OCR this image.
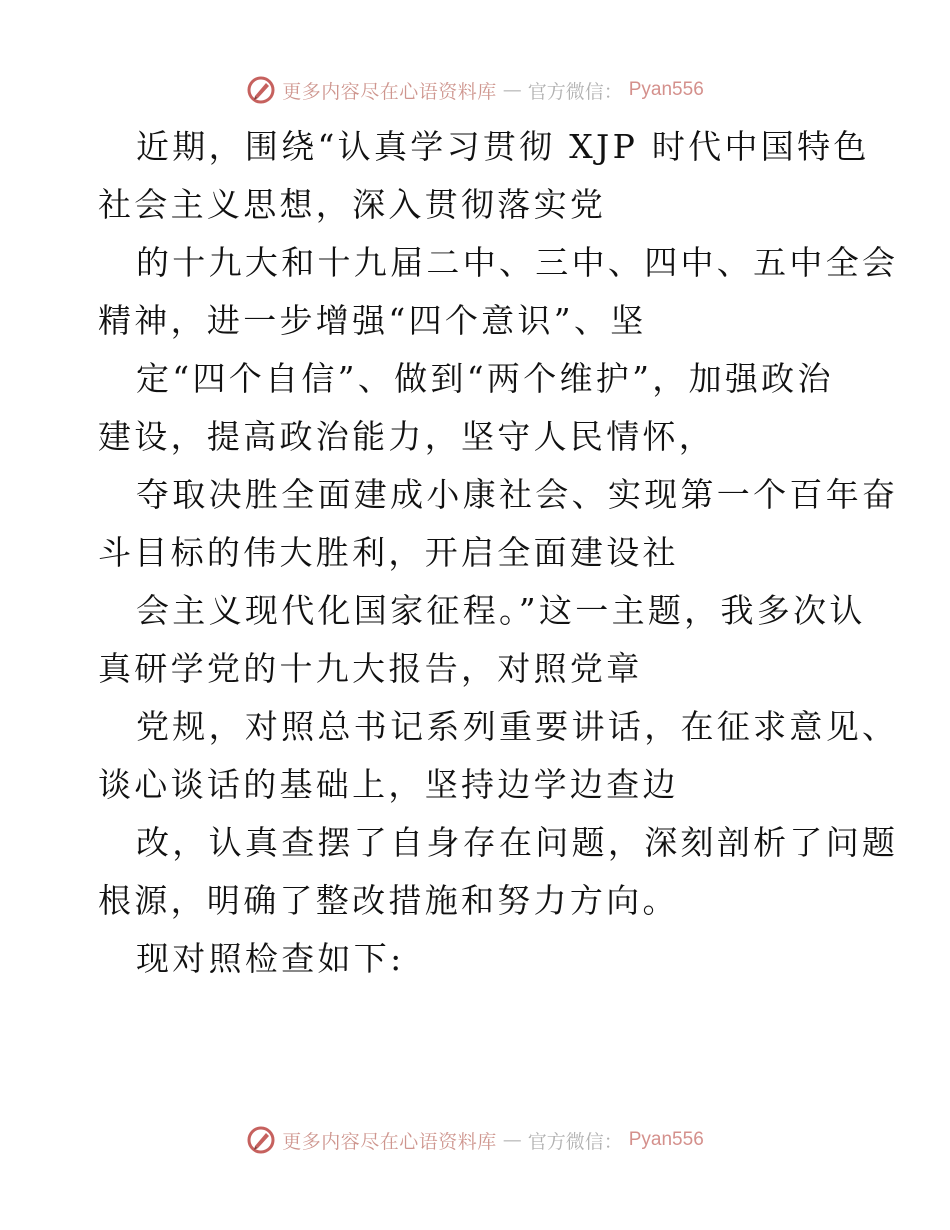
更多内容尽在心语资料库 — 官方微信： Pyan556
近期，围绕“认真学习贯彻 XJP 时代中国特色
社会主义思想，深入贯彻落实党
的十九大和十九届二中、三中、四中、五中全会
精神，进一步增强“四个意识”、坚
定“四个自信”、做到“两个维护”，加强政治
建设，提高政治能力，坚守人民情怀，
夺取决胜全面建成小康社会、实现第一个百年奋
斗目标的伟大胜利，开启全面建设社
会主义现代化国家征程。”这一主题，我多次认
真研学党的十九大报告，对照党章
党规，对照总书记系列重要讲话，在征求意见、
谈心谈话的基础上，坚持边学边查边
改，认真查摆了自身存在问题，深刻剖析了问题
根源，明确了整改措施和努力方向。
现对照检查如下:
更多内容尽在心语资料库 — 官方微信： Pyan556
